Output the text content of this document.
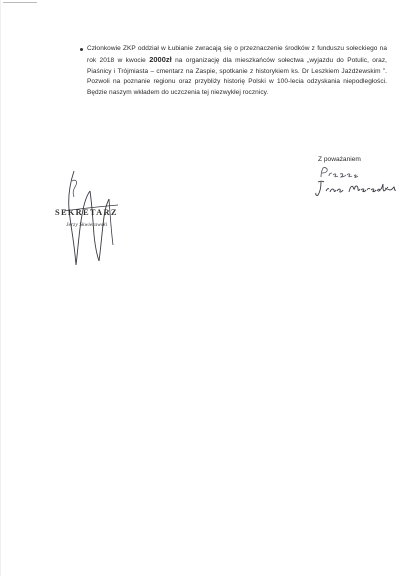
Członkowie ZKP oddział w Łubianie zwracają się o przeznaczenie środków z funduszu sołeckiego na rok 2018 w kwocie 2000zł na organizację dla mieszkańców sołectwa „wyjazdu do Potulic, oraz, Piaśnicy i Trójmiasta – cmentarz na Zaspie, spotkanie z historykiem ks. Dr Leszkiem Jażdżewskim ”. Pozwoli na poznanie regionu oraz przybliży historię Polski w 100-lecia odzyskania niepodległości. Będzie naszym wkładem do uczczenia tej niezwykłej rocznicy.

Z poważaniem
SEKRETARZ
Jerzy Skwierawski
